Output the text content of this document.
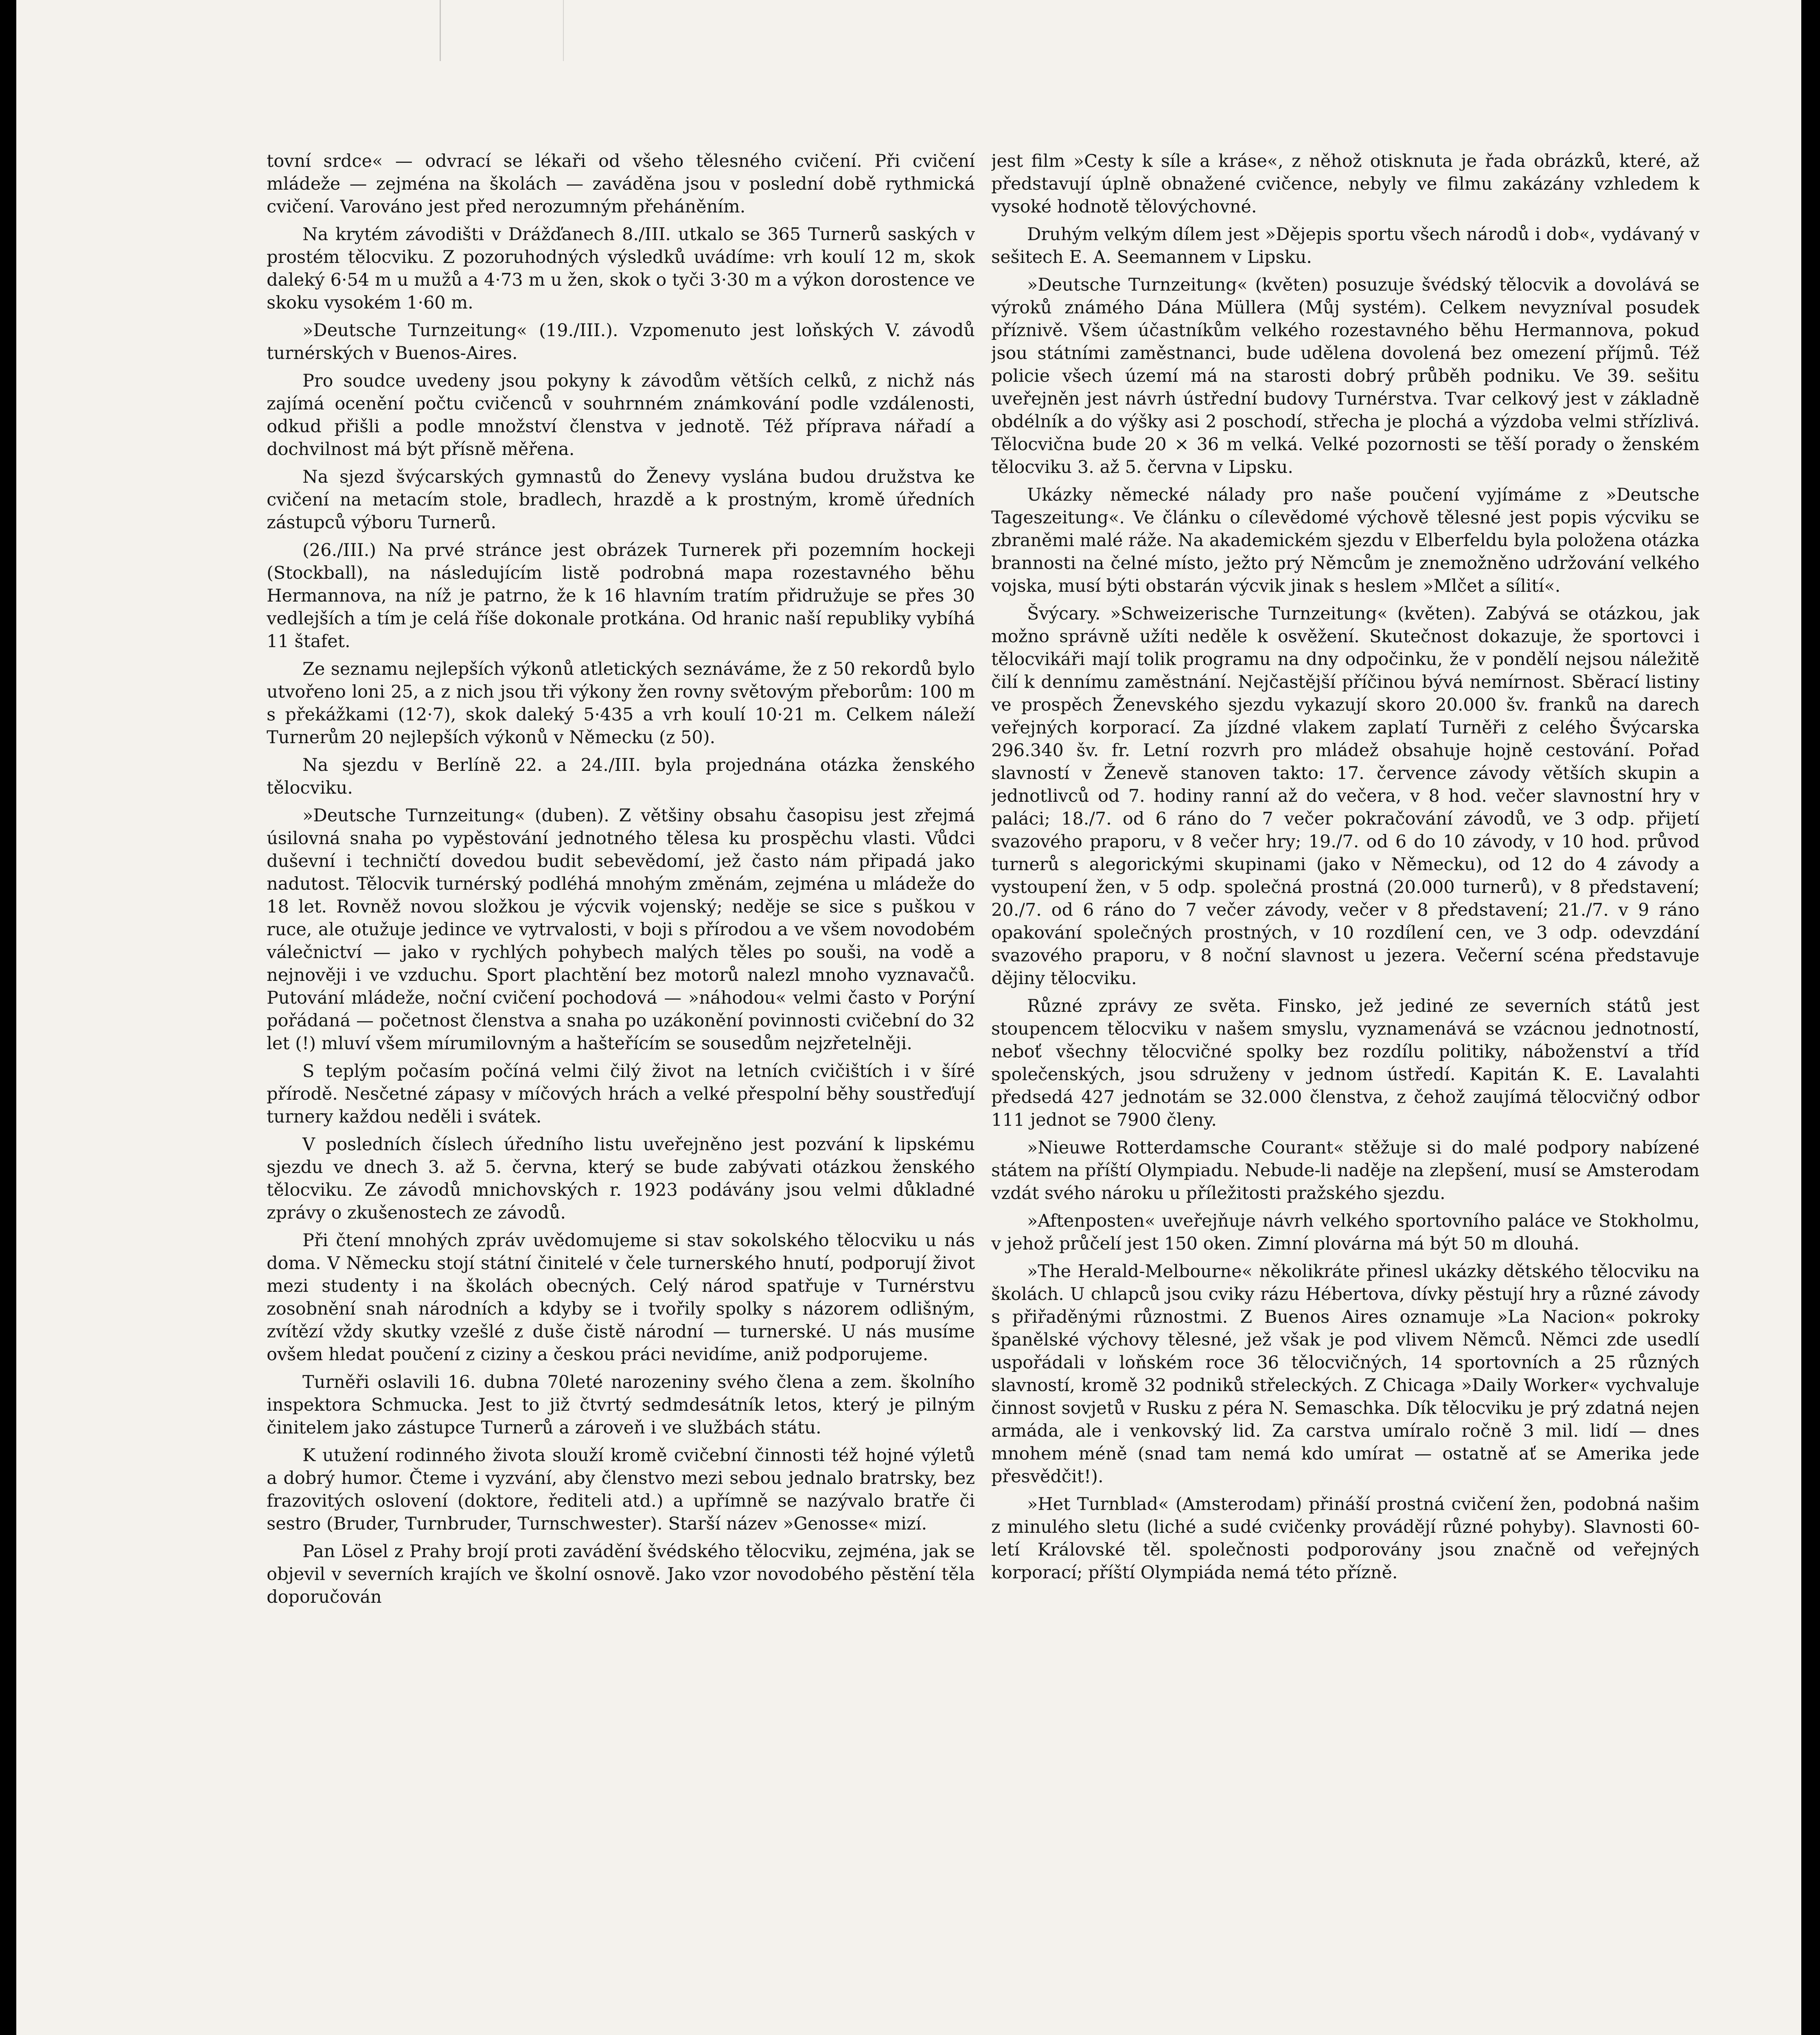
tovní srdce« — odvrací se lékaři od všeho tělesného cvičení. Při cvičení mládeže — zejména na školách — zaváděna jsou v poslední době rythmická cvičení. Varováno jest před nerozumným přeháněním.

Na krytém závodišti v Drážďanech 8./III. utkalo se 365 Turnerů saských v prostém tělocviku. Z pozoruhodných výsledků uvádíme: vrh koulí 12 m, skok daleký 6·54 m u mužů a 4·73 m u žen, skok o tyči 3·30 m a výkon dorostence ve skoku vysokém 1·60 m.

»Deutsche Turnzeitung« (19./III.). Vzpomenuto jest loňských V. závodů turnérských v Buenos-Aires.

Pro soudce uvedeny jsou pokyny k závodům větších celků, z nichž nás zajímá ocenění počtu cvičenců v souhrnném známkování podle vzdálenosti, odkud přišli a podle množství členstva v jednotě. Též příprava nářadí a dochvilnost má být přísně měřena.

Na sjezd švýcarských gymnastů do Ženevy vyslána budou družstva ke cvičení na metacím stole, bradlech, hrazdě a k prostným, kromě úředních zástupců výboru Turnerů.

(26./III.) Na prvé stránce jest obrázek Turnerek při pozemním hockeji (Stockball), na následujícím listě podrobná mapa rozestavného běhu Hermannova, na níž je patrno, že k 16 hlavním tratím přidružuje se přes 30 vedlejších a tím je celá říše dokonale protkána. Od hranic naší republiky vybíhá 11 štafet.

Ze seznamu nejlepších výkonů atletických seznáváme, že z 50 rekordů bylo utvořeno loni 25, a z nich jsou tři výkony žen rovny světovým přeborům: 100 m s překážkami (12·7), skok daleký 5·435 a vrh koulí 10·21 m. Celkem náleží Turnerům 20 nejlepších výkonů v Německu (z 50).

Na sjezdu v Berlíně 22. a 24./III. byla projednána otázka ženského tělocviku.

»Deutsche Turnzeitung« (duben). Z většiny obsahu časopisu jest zřejmá úsilovná snaha po vypěstování jednotného tělesa ku prospěchu vlasti. Vůdci duševní i techničtí dovedou budit sebevědomí, jež často nám připadá jako nadutost. Tělocvik turnérský podléhá mnohým změnám, zejména u mládeže do 18 let. Rovněž novou složkou je výcvik vojenský; neděje se sice s puškou v ruce, ale otužuje jedince ve vytrvalosti, v boji s přírodou a ve všem novodobém válečnictví — jako v rychlých pohybech malých těles po souši, na vodě a nejnověji i ve vzduchu. Sport plachtění bez motorů nalezl mnoho vyznavačů. Putování mládeže, noční cvičení pochodová — »náhodou« velmi často v Porýní pořádaná — početnost členstva a snaha po uzákonění povinnosti cvičební do 32 let (!) mluví všem mírumilovným a hašteřícím se sousedům nejzřetelněji.

S teplým počasím počíná velmi čilý život na letních cvičištích i v šíré přírodě. Nesčetné zápasy v míčových hrách a velké přespolní běhy soustřeďují turnery každou neděli i svátek.

V posledních číslech úředního listu uveřejněno jest pozvání k lipskému sjezdu ve dnech 3. až 5. června, který se bude zabývati otázkou ženského tělocviku. Ze závodů mnichovských r. 1923 podávány jsou velmi důkladné zprávy o zkušenostech ze závodů.

Při čtení mnohých zpráv uvědomujeme si stav sokolského tělocviku u nás doma. V Německu stojí státní činitelé v čele turnerského hnutí, podporují život mezi studenty i na školách obecných. Celý národ spatřuje v Turnérstvu zosobnění snah národních a kdyby se i tvořily spolky s názorem odlišným, zvítězí vždy skutky vzešlé z duše čistě národní — turnerské. U nás musíme ovšem hledat poučení z ciziny a českou práci nevidíme, aniž podporujeme.

Turněři oslavili 16. dubna 70leté narozeniny svého člena a zem. školního inspektora Schmucka. Jest to již čtvrtý sedmdesátník letos, který je pilným činitelem jako zástupce Turnerů a zároveň i ve službách státu.

K utužení rodinného života slouží kromě cvičební činnosti též hojné výletů a dobrý humor. Čteme i vyzvání, aby členstvo mezi sebou jednalo bratrsky, bez frazovitých oslovení (doktore, řediteli atd.) a upřímně se nazývalo bratře či sestro (Bruder, Turnbruder, Turnschwester). Starší název »Genosse« mizí.

Pan Lösel z Prahy brojí proti zavádění švédského tělocviku, zejména, jak se objevil v severních krajích ve školní osnově. Jako vzor novodobého pěstění těla doporučován

jest film »Cesty k síle a kráse«, z něhož otisknuta je řada obrázků, které, až představují úplně obnažené cvičence, nebyly ve filmu zakázány vzhledem k vysoké hodnotě tělovýchovné.

Druhým velkým dílem jest »Dějepis sportu všech národů i dob«, vydávaný v sešitech E. A. Seemannem v Lipsku.

»Deutsche Turnzeitung« (květen) posuzuje švédský tělocvik a dovolává se výroků známého Dána Müllera (Můj systém). Celkem nevyzníval posudek příznivě. Všem účastníkům velkého rozestavného běhu Hermannova, pokud jsou státními zaměstnanci, bude udělena dovolená bez omezení příjmů. Též policie všech území má na starosti dobrý průběh podniku. Ve 39. sešitu uveřejněn jest návrh ústřední budovy Turnérstva. Tvar celkový jest v základně obdélník a do výšky asi 2 poschodí, střecha je plochá a výzdoba velmi střízlivá. Tělocvična bude 20 × 36 m velká. Velké pozornosti se těší porady o ženském tělocviku 3. až 5. června v Lipsku.

Ukázky německé nálady pro naše poučení vyjímáme z »Deutsche Tageszeitung«. Ve článku o cílevědomé výchově tělesné jest popis výcviku se zbraněmi malé ráže. Na akademickém sjezdu v Elberfeldu byla položena otázka brannosti na čelné místo, ježto prý Němcům je znemožněno udržování velkého vojska, musí býti obstarán výcvik jinak s heslem »Mlčet a sílití«.

Švýcary. »Schweizerische Turnzeitung« (květen). Zabývá se otázkou, jak možno správně užíti neděle k osvěžení. Skutečnost dokazuje, že sportovci i tělocvikáři mají tolik programu na dny odpočinku, že v pondělí nejsou náležitě čilí k dennímu zaměstnání. Nejčastější příčinou bývá nemírnost. Sběrací listiny ve prospěch Ženevského sjezdu vykazují skoro 20.000 šv. franků na darech veřejných korporací. Za jízdné vlakem zaplatí Turněři z celého Švýcarska 296.340 šv. fr. Letní rozvrh pro mládež obsahuje hojně cestování. Pořad slavností v Ženevě stanoven takto: 17. července závody větších skupin a jednotlivců od 7. hodiny ranní až do večera, v 8 hod. večer slavnostní hry v paláci; 18./7. od 6 ráno do 7 večer pokračování závodů, ve 3 odp. přijetí svazového praporu, v 8 večer hry; 19./7. od 6 do 10 závody, v 10 hod. průvod turnerů s alegorickými skupinami (jako v Německu), od 12 do 4 závody a vystoupení žen, v 5 odp. společná prostná (20.000 turnerů), v 8 představení; 20./7. od 6 ráno do 7 večer závody, večer v 8 představení; 21./7. v 9 ráno opakování společných prostných, v 10 rozdílení cen, ve 3 odp. odevzdání svazového praporu, v 8 noční slavnost u jezera. Večerní scéna představuje dějiny tělocviku.

Různé zprávy ze světa. Finsko, jež jediné ze severních států jest stoupencem tělocviku v našem smyslu, vyznamenává se vzácnou jednotností, neboť všechny tělocvičné spolky bez rozdílu politiky, náboženství a tříd společenských, jsou sdruženy v jednom ústředí. Kapitán K. E. Lavalahti předsedá 427 jednotám se 32.000 členstva, z čehož zaujímá tělocvičný odbor 111 jednot se 7900 členy.

»Nieuwe Rotterdamsche Courant« stěžuje si do malé podpory nabízené státem na příští Olympiadu. Nebude-li naděje na zlepšení, musí se Amsterodam vzdát svého nároku u příležitosti pražského sjezdu.

»Aftenposten« uveřejňuje návrh velkého sportovního paláce ve Stokholmu, v jehož průčelí jest 150 oken. Zimní plovárna má být 50 m dlouhá.

»The Herald-Melbourne« několikráte přinesl ukázky dětského tělocviku na školách. U chlapců jsou cviky rázu Hébertova, dívky pěstují hry a různé závody s přiřaděnými různostmi. Z Buenos Aires oznamuje »La Nacion« pokroky španělské výchovy tělesné, jež však je pod vlivem Němců. Němci zde usedlí uspořádali v loňském roce 36 tělocvičných, 14 sportovních a 25 různých slavností, kromě 32 podniků střeleckých. Z Chicaga »Daily Worker« vychvaluje činnost sovjetů v Rusku z péra N. Semaschka. Dík tělocviku je prý zdatná nejen armáda, ale i venkovský lid. Za carstva umíralo ročně 3 mil. lidí — dnes mnohem méně (snad tam nemá kdo umírat — ostatně ať se Amerika jede přesvědčit!).

»Het Turnblad« (Amsterodam) přináší prostná cvičení žen, podobná našim z minulého sletu (liché a sudé cvičenky provádějí různé pohyby). Slavnosti 60-letí Královské těl. společnosti podporovány jsou značně od veřejných korporací; příští Olympiáda nemá této přízně.
